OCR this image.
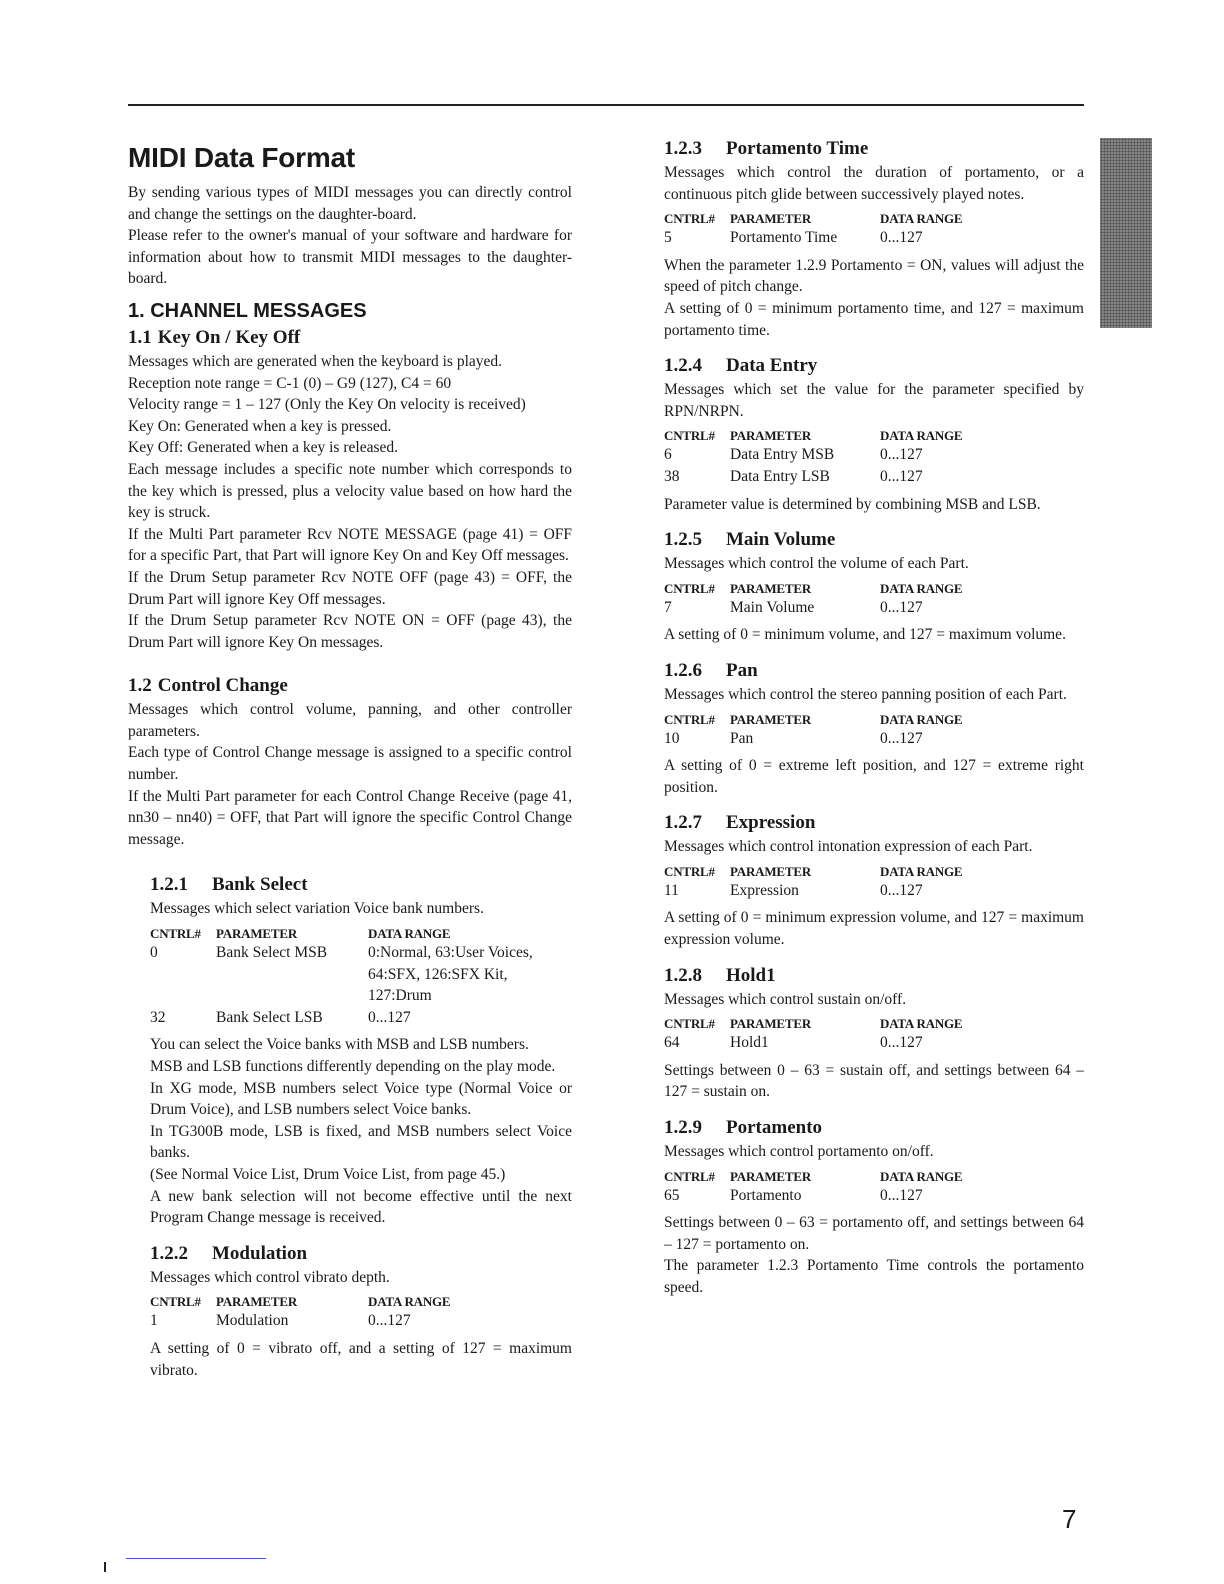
MIDI Data Format

By sending various types of MIDI messages you can directly control and change the settings on the daughter-board.

Please refer to the owner's manual of your software and hardware for information about how to transmit MIDI messages to the daughter-board.

1. CHANNEL MESSAGES
1.1 Key On / Key Off

Messages which are generated when the keyboard is played.

Reception note range = C-1 (0) – G9 (127), C4 = 60

Velocity range = 1 – 127 (Only the Key On velocity is received)

Key On: Generated when a key is pressed.

Key Off: Generated when a key is released.

Each message includes a specific note number which corresponds to the key which is pressed, plus a velocity value based on how hard the key is struck.

If the Multi Part parameter Rcv NOTE MESSAGE (page 41) = OFF for a specific Part, that Part will ignore Key On and Key Off messages.

If the Drum Setup parameter Rcv NOTE OFF (page 43) = OFF, the Drum Part will ignore Key Off messages.

If the Drum Setup parameter Rcv NOTE ON = OFF (page 43), the Drum Part will ignore Key On messages.

1.2 Control Change

Messages which control volume, panning, and other controller parameters.

Each type of Control Change message is assigned to a specific control number.

If the Multi Part parameter for each Control Change Receive (page 41, nn30 – nn40) = OFF, that Part will ignore the specific Control Change message.

1.2.1 Bank Select

Messages which select variation Voice bank numbers.

CNTRL#	PARAMETER	DATA RANGE
0	Bank Select MSB	0:Normal, 63:User Voices, 64:SFX, 126:SFX Kit, 127:Drum
32	Bank Select LSB	0...127

You can select the Voice banks with MSB and LSB numbers.

MSB and LSB functions differently depending on the play mode.

In XG mode, MSB numbers select Voice type (Normal Voice or Drum Voice), and LSB numbers select Voice banks.

In TG300B mode, LSB is fixed, and MSB numbers select Voice banks.

(See Normal Voice List, Drum Voice List, from page 45.)

A new bank selection will not become effective until the next Program Change message is received.

1.2.2 Modulation

Messages which control vibrato depth.

CNTRL#	PARAMETER	DATA RANGE
1	Modulation	0...127

A setting of 0 = vibrato off, and a setting of 127 = maximum vibrato.

1.2.3 Portamento Time

Messages which control the duration of portamento, or a continuous pitch glide between successively played notes.

CNTRL#	PARAMETER	DATA RANGE
5	Portamento Time	0...127

When the parameter 1.2.9 Portamento = ON, values will adjust the speed of pitch change.

A setting of 0 = minimum portamento time, and 127 = maximum portamento time.

1.2.4 Data Entry

Messages which set the value for the parameter specified by RPN/NRPN.

CNTRL#	PARAMETER	DATA RANGE
6	Data Entry MSB	0...127
38	Data Entry LSB	0...127

Parameter value is determined by combining MSB and LSB.

1.2.5 Main Volume

Messages which control the volume of each Part.

CNTRL#	PARAMETER	DATA RANGE
7	Main Volume	0...127

A setting of 0 = minimum volume, and 127 = maximum volume.

1.2.6 Pan

Messages which control the stereo panning position of each Part.

CNTRL#	PARAMETER	DATA RANGE
10	Pan	0...127

A setting of 0 = extreme left position, and 127 = extreme right position.

1.2.7 Expression

Messages which control intonation expression of each Part.

CNTRL#	PARAMETER	DATA RANGE
11	Expression	0...127

A setting of 0 = minimum expression volume, and 127 = maximum expression volume.

1.2.8 Hold1

Messages which control sustain on/off.

CNTRL#	PARAMETER	DATA RANGE
64	Hold1	0...127

Settings between 0 – 63 = sustain off, and settings between 64 – 127 = sustain on.

1.2.9 Portamento

Messages which control portamento on/off.

CNTRL#	PARAMETER	DATA RANGE
65	Portamento	0...127

Settings between 0 – 63 = portamento off, and settings between 64 – 127 = portamento on.

The parameter 1.2.3 Portamento Time controls the portamento speed.

7
